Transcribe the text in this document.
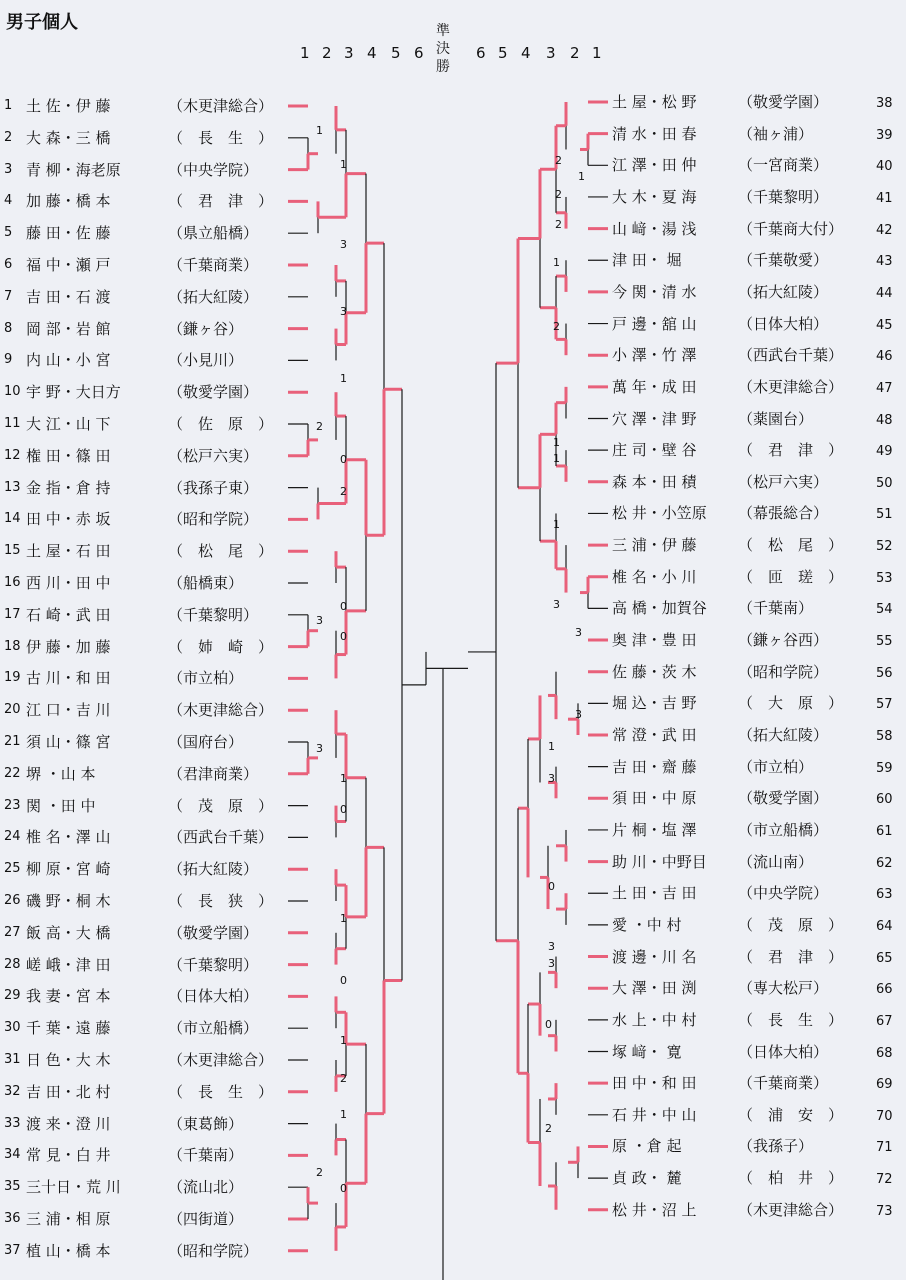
男子個人
1 2 3 4 5 6	6 5 4 3 2 1
準決勝
1 土 佐・伊 藤	（木更津総合）
2 大 森・三 橋	（　長　生　）
3 青 柳・海老原	（中央学院）
4 加 藤・橋 本	（　君　津　）
5 藤 田・佐 藤	（県立船橋）
6 福 中・瀬 戸	（千葉商業）
7 吉 田・石 渡	（拓大紅陵）
8 岡 部・岩 館	（鎌ヶ谷）
9 内 山・小 宮	（小見川）
10 宇 野・大日方	（敬愛学園）
11 大 江・山 下	（　佐　原　）
12 権 田・篠 田	（松戸六実）
13 金 指・倉 持	（我孫子東）
14 田 中・赤 坂	（昭和学院）
15 土 屋・石 田	（　松　尾　）
16 西 川・田 中	（船橋東）
17 石 崎・武 田	（千葉黎明）
18 伊 藤・加 藤	（　姉　崎　）
19 古 川・和 田	（市立柏）
20 江 口・吉 川	（木更津総合）
21 須 山・篠 宮	（国府台）
22 堺 ・山 本	（君津商業）
23 関 ・田 中	（　茂　原　）
24 椎 名・澤 山	（西武台千葉）
25 柳 原・宮 崎	（拓大紅陵）
26 磯 野・桐 木	（　長　狭　）
27 飯 高・大 橋	（敬愛学園）
28 嵯 峨・津 田	（千葉黎明）
29 我 妻・宮 本	（日体大柏）
30 千 葉・遠 藤	（市立船橋）
31 日 色・大 木	（木更津総合）
32 吉 田・北 村	（　長　生　）
33 渡 来・澄 川	（東葛飾）
34 常 見・白 井	（千葉南）
35 三十日・荒 川	（流山北）
36 三 浦・相 原	（四街道）
37 植 山・橋 本	（昭和学院）
土 屋・松 野	（敬愛学園）	38
清 水・田 春	（袖ヶ浦）	39
江 澤・田 仲	（一宮商業）	40
大 木・夏 海	（千葉黎明）	41
山 﨑・湯 浅	（千葉商大付）	42
津 田・ 堀	（千葉敬愛）	43
今 関・清 水	（拓大紅陵）	44
戸 邊・舘 山	（日体大柏）	45
小 澤・竹 澤	（西武台千葉）	46
萬 年・成 田	（木更津総合）	47
穴 澤・津 野	（薬園台）	48
庄 司・壁 谷	（　君　津　）	49
森 本・田 積	（松戸六実）	50
松 井・小笠原 （幕張総合）	51
三 浦・伊 藤	（　松　尾　）	52
椎 名・小 川	（　匝　瑳　）	53
高 橋・加賀谷 （千葉南）	54
奥 津・豊 田	（鎌ヶ谷西）	55
佐 藤・茨 木	（昭和学院）	56
堀 込・吉 野	（　大　原　）	57
常 澄・武 田	（拓大紅陵）	58
吉 田・齋 藤	（市立柏）	59
須 田・中 原	（敬愛学園）	60
片 桐・塩 澤	（市立船橋）	61
助 川・中野目 （流山南）	62
土 田・吉 田	（中央学院）	63
愛 ・中 村	（　茂　原　）	64
渡 邊・川 名	（　君　津　）	65
大 澤・田 渕	（専大松戸）	66
水 上・中 村	（　長　生　）	67
塚 﨑・ 寛	（日体大柏）	68
田 中・和 田	（千葉商業）	69
石 井・中 山	（　浦　安　）	70
原 ・倉 起	（我孫子）	71
貞 政・ 麓	（　柏　井　）	72
松 井・沼 上	（木更津総合）	73
1
1
3
3
1
2
0
2
0
3
0
3
1
0
1
0
1
2
1
2
0
2
1
2
2
1
2
1
1
1
3
3
3
1
3
0
3
3
0
2
